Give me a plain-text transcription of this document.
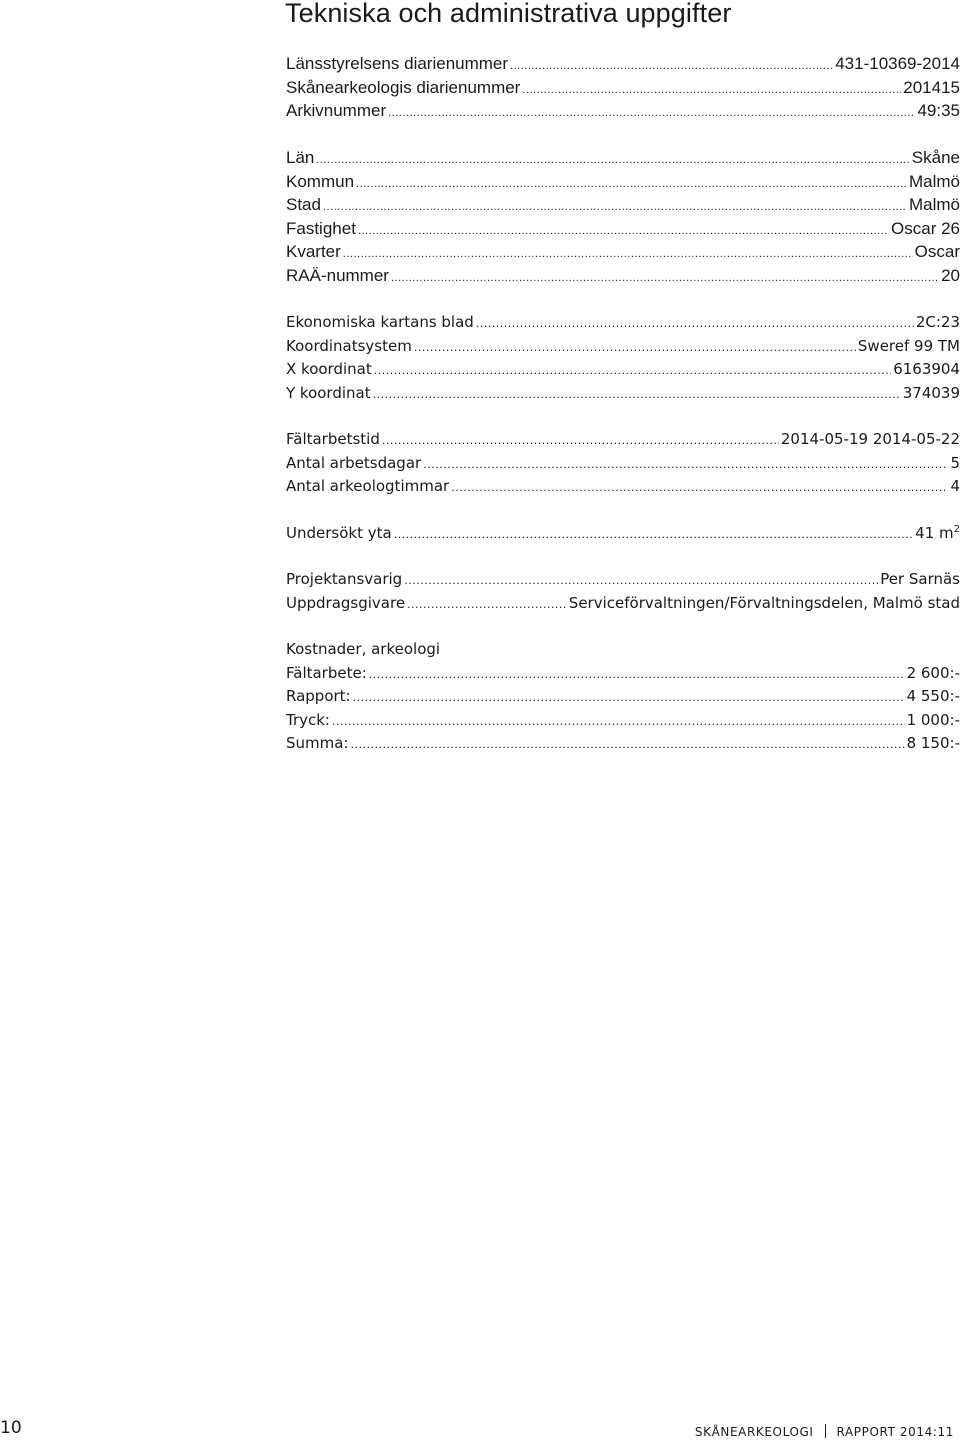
Tekniska och administrativa uppgifter
Länsstyrelsens diarienummer .....	431-10369-2014
Skånearkeologis diarienummer .....	201415
Arkivnummer .....	49:35
Län .....	Skåne
Kommun .....	Malmö
Stad .....	Malmö
Fastighet .....	Oscar 26
Kvarter .....	Oscar
RAÄ-nummer .....	20
Ekonomiska kartans blad .....	2C:23
Koordinatsystem .....	Sweref 99 TM
X koordinat .....	6163904
Y koordinat .....	374039
Fältarbetstid .....	2014-05-19 2014-05-22
Antal arbetsdagar .....	5
Antal arkeologtimmar .....	4
Undersökt yta .....	41 $m^2$
Projektansvarig .....	Per Sarnäs
Uppdragsgivare .....	Serviceförvaltningen/Förvaltningsdelen, Malmö stad
Kostnader, arkeologi
Fältarbete: .....	2 600:-
Rapport: .....	4 550:-
Tryck: .....	1 000:-
Summa: .....	8 150:-
10	SKÅNEARKEOLOGI RAPPORT 2014:11
